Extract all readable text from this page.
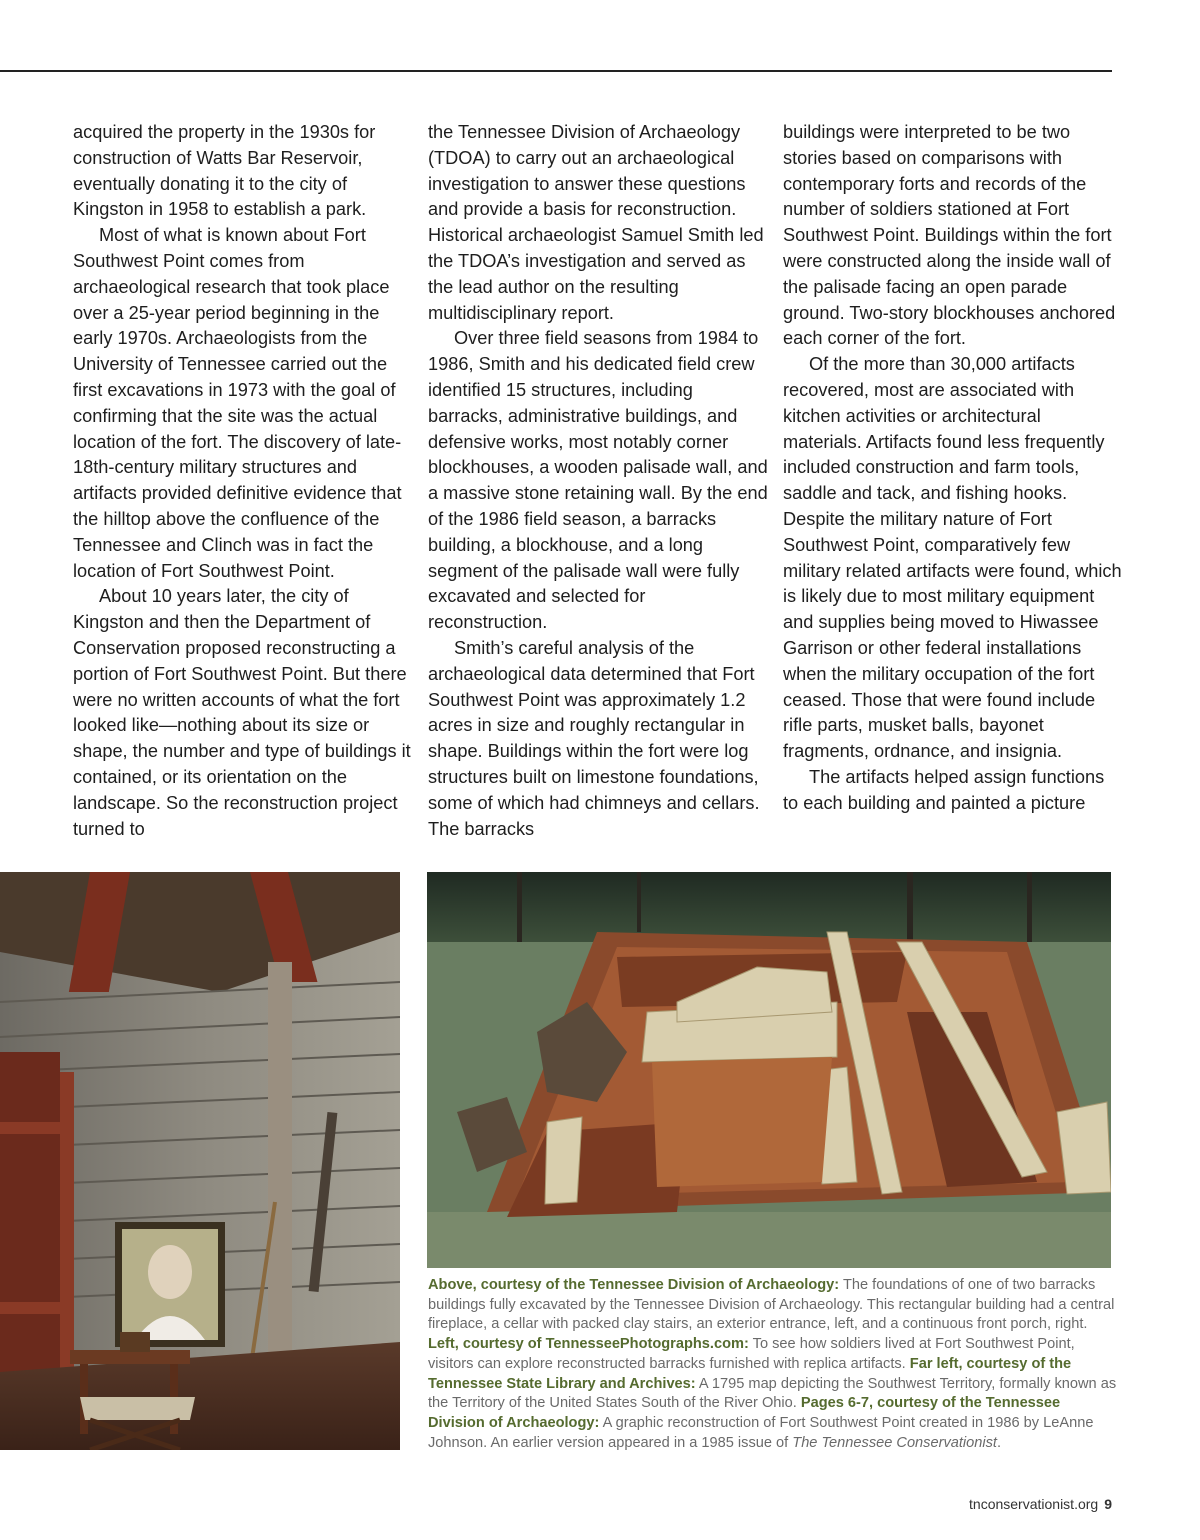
acquired the property in the 1930s for construction of Watts Bar Reservoir, eventually donating it to the city of Kingston in 1958 to establish a park.
Most of what is known about Fort Southwest Point comes from archaeological research that took place over a 25-year period beginning in the early 1970s. Archaeologists from the University of Tennessee carried out the first excavations in 1973 with the goal of confirming that the site was the actual location of the fort. The discovery of late-18th-century military structures and artifacts provided definitive evidence that the hilltop above the confluence of the Tennessee and Clinch was in fact the location of Fort Southwest Point.
About 10 years later, the city of Kingston and then the Department of Conservation proposed reconstructing a portion of Fort Southwest Point. But there were no written accounts of what the fort looked like—nothing about its size or shape, the number and type of buildings it contained, or its orientation on the landscape. So the reconstruction project turned to
the Tennessee Division of Archaeology (TDOA) to carry out an archaeological investigation to answer these questions and provide a basis for reconstruction. Historical archaeologist Samuel Smith led the TDOA’s investigation and served as the lead author on the resulting multidisciplinary report.
Over three field seasons from 1984 to 1986, Smith and his dedicated field crew identified 15 structures, including barracks, administrative buildings, and defensive works, most notably corner blockhouses, a wooden palisade wall, and a massive stone retaining wall. By the end of the 1986 field season, a barracks building, a blockhouse, and a long segment of the palisade wall were fully excavated and selected for reconstruction.
Smith’s careful analysis of the archaeological data determined that Fort Southwest Point was approximately 1.2 acres in size and roughly rectangular in shape. Buildings within the fort were log structures built on limestone foundations, some of which had chimneys and cellars. The barracks
buildings were interpreted to be two stories based on comparisons with contemporary forts and records of the number of soldiers stationed at Fort Southwest Point. Buildings within the fort were constructed along the inside wall of the palisade facing an open parade ground. Two-story blockhouses anchored each corner of the fort.
Of the more than 30,000 artifacts recovered, most are associated with kitchen activities or architectural materials. Artifacts found less frequently included construction and farm tools, saddle and tack, and fishing hooks. Despite the military nature of Fort Southwest Point, comparatively few military related artifacts were found, which is likely due to most military equipment and supplies being moved to Hiwassee Garrison or other federal installations when the military occupation of the fort ceased. Those that were found include rifle parts, musket balls, bayonet fragments, ordnance, and insignia.
The artifacts helped assign functions to each building and painted a picture
Above, courtesy of the Tennessee Division of Archaeology: The foundations of one of two barracks buildings fully excavated by the Tennessee Division of Archaeology. This rectangular building had a central fireplace, a cellar with packed clay stairs, an exterior entrance, left, and a continuous front porch, right. Left, courtesy of TennesseePhotographs.com: To see how soldiers lived at Fort Southwest Point, visitors can explore reconstructed barracks furnished with replica artifacts. Far left, courtesy of the Tennessee State Library and Archives: A 1795 map depicting the Southwest Territory, formally known as the Territory of the United States South of the River Ohio. Pages 6-7, courtesy of the Tennessee Division of Archaeology: A graphic reconstruction of Fort Southwest Point created in 1986 by LeAnne Johnson. An earlier version appeared in a 1985 issue of The Tennessee Conservationist.
tnconservationist.org 9
